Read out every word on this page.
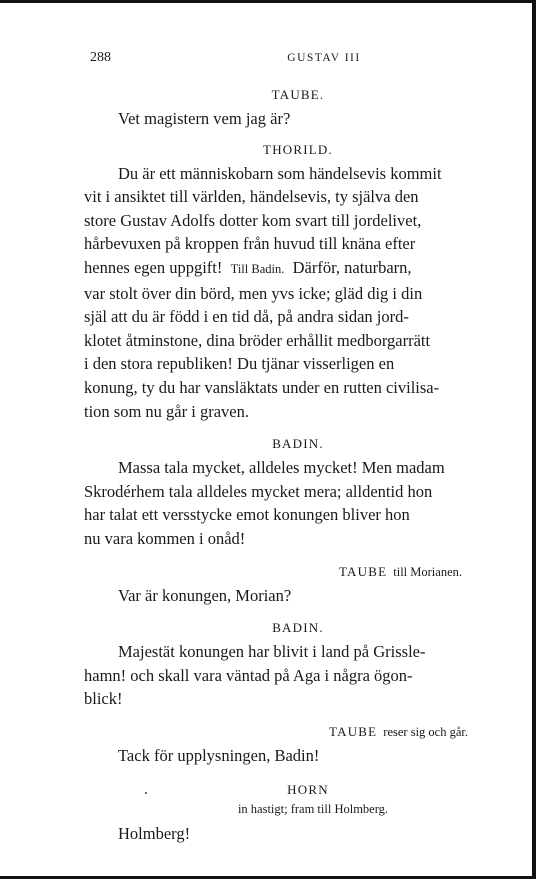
288	GUSTAV III

TAUBE.

Vet magistern vem jag är?

THORILD.

Du är ett människobarn som händelsevis kommit
vit i ansiktet till världen, händelsevis, ty själva den
store Gustav Adolfs dotter kom svart till jordelivet,
hårbevuxen på kroppen från huvud till knäna efter
hennes egen uppgift! Till Badin. Därför, naturbarn,
var stolt över din börd, men yvs icke; gläd dig i din
själ att du är född i en tid då, på andra sidan jord-
klotet åtminstone, dina bröder erhållit medborgarrätt
i den stora republiken! Du tjänar visserligen en
konung, ty du har vansläktats under en rutten civilisa-
tion som nu går i graven.

BADIN.

Massa tala mycket, alldeles mycket! Men madam
Skrodérhem tala alldeles mycket mera; alldentid hon
har talat ett versstycke emot konungen bliver hon
nu vara kommen i onåd!

TAUBE till Morianen.

Var är konungen, Morian?

BADIN.

Majestät konungen har blivit i land på Grissle-
hamn! och skall vara väntad på Aga i några ögon-
blick!

TAUBE reser sig och går.

Tack för upplysningen, Badin!

HORN

in hastigt; fram till Holmberg.

Holmberg!
